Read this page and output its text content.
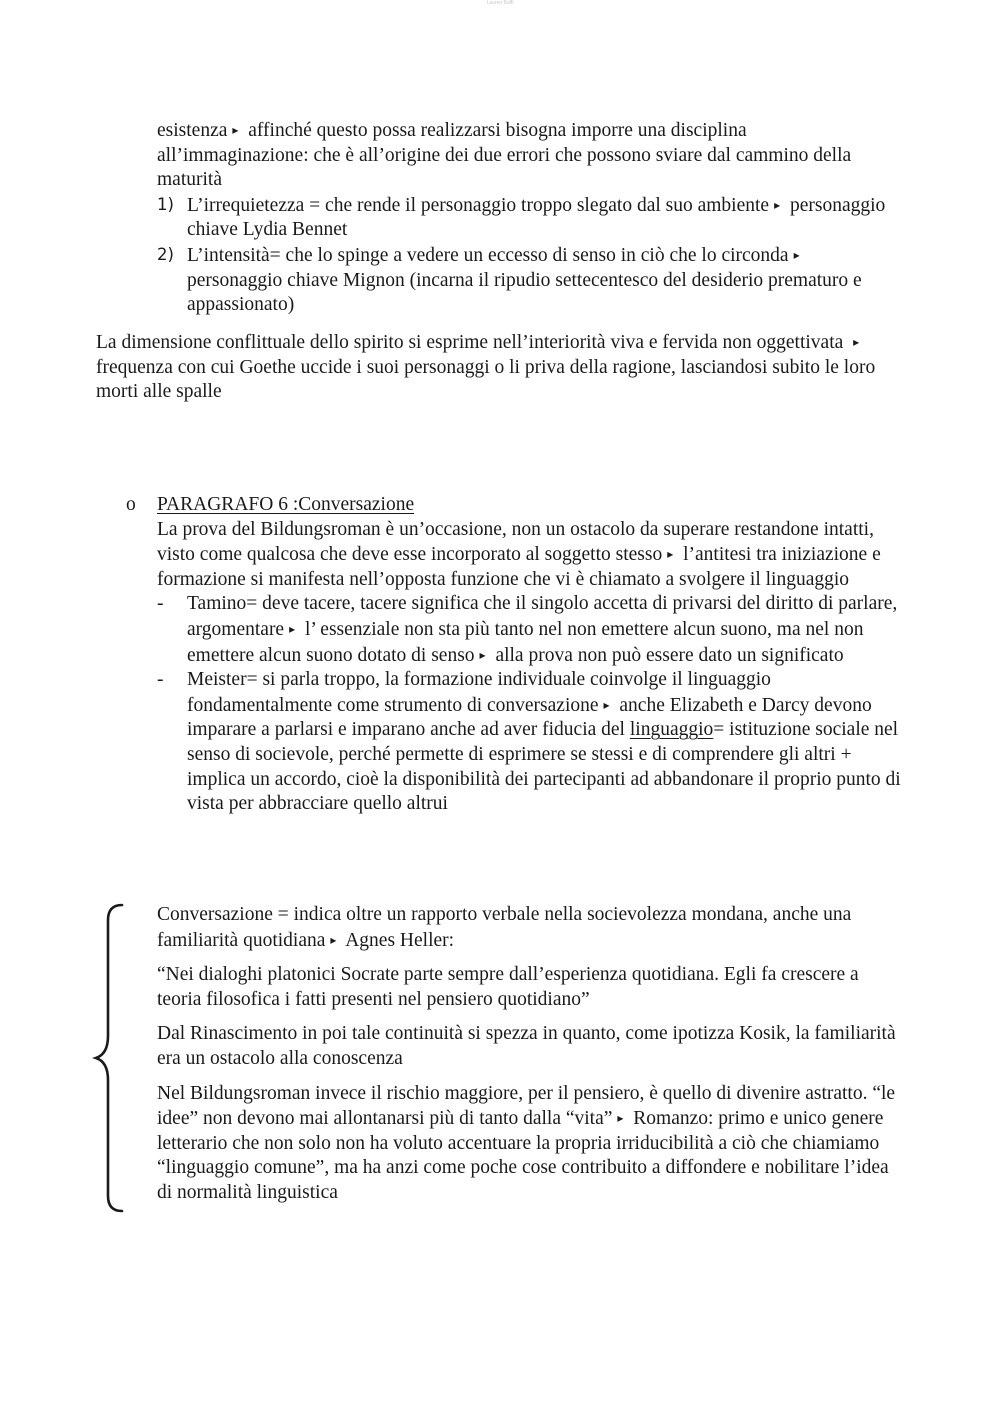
Lauren Buffi

esistenza ▸ affinché questo possa realizzarsi bisogna imporre una disciplina all’immaginazione: che è all’origine dei due errori che possono sviare dal cammino della maturità

1) L’irrequietezza = che rende il personaggio troppo slegato dal suo ambiente ▸ personaggio chiave Lydia Bennet
2) L’intensità= che lo spinge a vedere un eccesso di senso in ciò che lo circonda ▸ personaggio chiave Mignon (incarna il ripudio settecentesco del desiderio prematuro e appassionato)

La dimensione conflittuale dello spirito si esprime nell’interiorità viva e fervida non oggettivata ▸ frequenza con cui Goethe uccide i suoi personaggi o li priva della ragione, lasciandosi subito le loro morti alle spalle

o	PARAGRAFO 6 :Conversazione

La prova del Bildungsroman è un’occasione, non un ostacolo da superare restandone intatti, visto come qualcosa che deve esse incorporato al soggetto stesso ▸ l’antitesi tra iniziazione e formazione si manifesta nell’opposta funzione che vi è chiamato a svolgere il linguaggio

- Tamino= deve tacere, tacere significa che il singolo accetta di privarsi del diritto di parlare, argomentare ▸ l’ essenziale non sta più tanto nel non emettere alcun suono, ma nel non emettere alcun suono dotato di senso ▸ alla prova non può essere dato un significato
- Meister= si parla troppo, la formazione individuale coinvolge il linguaggio fondamentalmente come strumento di conversazione ▸ anche Elizabeth e Darcy devono imparare a parlarsi e imparano anche ad aver fiducia del linguaggio= istituzione sociale nel senso di socievole, perché permette di esprimere se stessi e di comprendere gli altri + implica un accordo, cioè la disponibilità dei partecipanti ad abbandonare il proprio punto di vista per abbracciare quello altrui

Conversazione = indica oltre un rapporto verbale nella socievolezza mondana, anche una familiarità quotidiana ▸ Agnes Heller:

“Nei dialoghi platonici Socrate parte sempre dall’esperienza quotidiana. Egli fa crescere a teoria filosofica i fatti presenti nel pensiero quotidiano”

Dal Rinascimento in poi tale continuità si spezza in quanto, come ipotizza Kosik, la familiarità era un ostacolo alla conoscenza

Nel Bildungsroman invece il rischio maggiore, per il pensiero, è quello di divenire astratto. “le idee” non devono mai allontanarsi più di tanto dalla “vita” ▸ Romanzo: primo e unico genere letterario che non solo non ha voluto accentuare la propria irriducibilità a ciò che chiamiamo “linguaggio comune”, ma ha anzi come poche cose contribuito a diffondere e nobilitare l’idea di normalità linguistica
